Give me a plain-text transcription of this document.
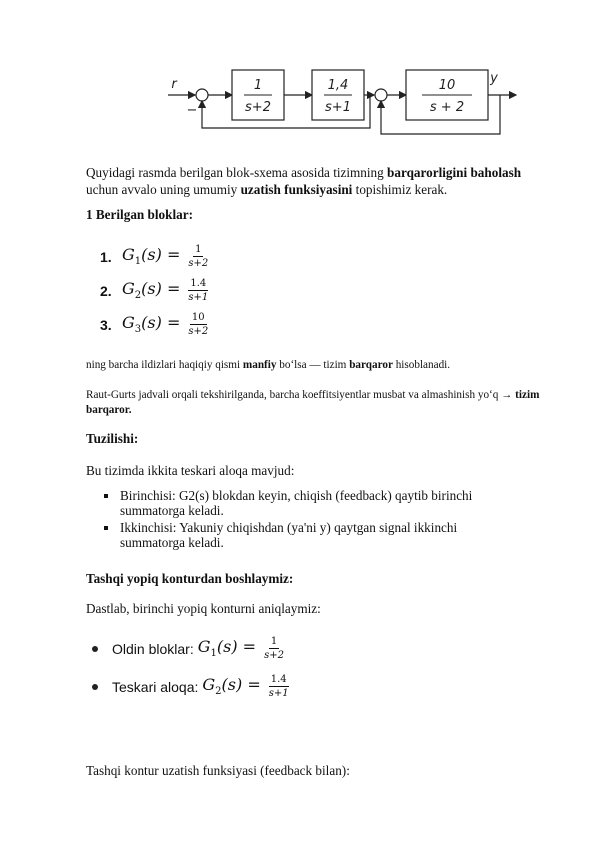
1
s+2
1,4
s+1
10
s + 2
r	y
−

Quyidagi rasmda berilgan blok-sxema asosida tizimning barqarorligini baholash uchun avvalo uning umumiy uzatish funksiyasini topishimiz kerak.

1 Berilgan bloklar:
1. $G_1(s) = \frac{1}{s+2}$
2. $G_2(s) = \frac{1.4}{s+1}$
3. $G_3(s) = \frac{10}{s+2}$

ning barcha ildizlari haqiqiy qismi manfiy bo‘lsa — tizim barqaror hisoblanadi.

Raut-Gurts jadvali orqali tekshirilganda, barcha koeffitsiyentlar musbat va almashinish yo‘q → tizim barqaror.

Tuzilishi:
Bu tizimda ikkita teskari aloqa mavjud:
Birinchisi: G2(s) blokdan keyin, chiqish (feedback) qaytib birinchi summatorga keladi.
Ikkinchisi: Yakuniy chiqishdan (ya'ni y) qaytgan signal ikkinchi summatorga keladi.
Tashqi yopiq konturdan boshlaymiz:
Dastlab, birinchi yopiq konturni aniqlaymiz:
Oldin bloklar: $G_1(s) = \frac{1}{s+2}$
Teskari aloqa: $G_2(s) = \frac{1.4}{s+1}$
Tashqi kontur uzatish funksiyasi (feedback bilan):
